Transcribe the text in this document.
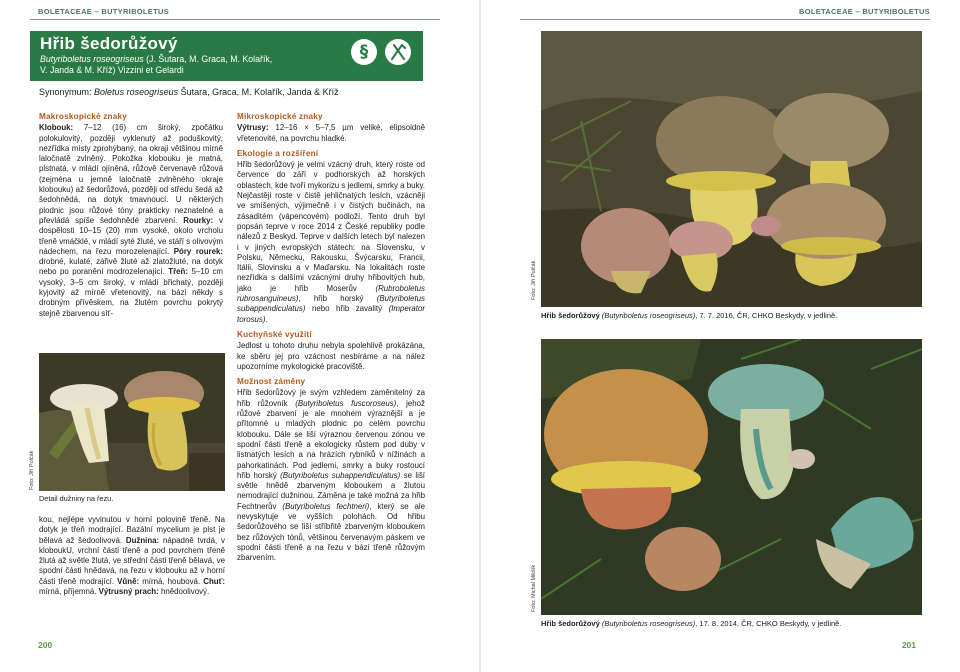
BOLETACEAE – BUTYRIBOLETUS
Hřib šedorůžový
Butyriboletus roseogriseus (J. Šutara, M. Graca, M. Kolařík,
V. Janda & M. Kříž) Vizzini et Gelardi
§
Synonymum: Boletus roseogriseus Šutara, Graca, M. Kolařík, Janda & Kříž
Makroskopické znaky

Klobouk: 7–12 (16) cm široký, zpočátku polokulovitý, později vyklenutý až poduškovitý, nezřídka místy zprohýbaný, na okraji většinou mírně laločnatě zvlněný. Pokožka klobouku je matná, plstnatá, v mládí ojíněná, růžově červenavě růžová (zejména u jemně laločnatě zvlněného okraje klobouku) až šedorůžová, později od středu šedá až šedohnědá, na dotyk tmavnoucí. U některých plodnic jsou růžové tóny prakticky neznatelné a převládá spíše šedohnědé zbarvení. Rourky: v dospělosti 10–15 (20) mm vysoké, okolo vrcholu třeně vmáčklé, v mládí syté žluté, ve stáří s olivovým nádechem, na řezu morozelenající. Póry rourek: drobné, kulaté, zářivě žluté až zlatožluté, na dotyk nebo po poranění modrozelenající. Třeň: 5–10 cm vysoký, 3–5 cm široký, v mládí břichatý, později kyjovitý až mírně vřetenovitý, na bázi někdy s drobným přívěskem, na žlutém povrchu pokrytý stejně zbarvenou síť-

Foto: Jiří Polčák
Detail dužniny na řezu.

kou, nejlépe vyvinutou v horní polovině třeně. Na dotyk je třeň modrající. Bazální mycelium je plst je bělavá až šedoolivová. Dužnina: nápadně tvrdá, v kloboukU, vrchní části třeně a pod povrchem třeně žlutá až světle žlutá, ve střední části třeně bělavá, ve spodní části hnědavá, na řezu v klobouku až v horní části třeně modrající. Vůně: mírná, houbová. Chuť: mírná, příjemná. Výtrusný prach: hnědoolivový.

Mikroskopické znaky

Výtrusy: 12–16 × 5–7,5 µm veliké, elipsoidně vřetenovité, na povrchu hladké.

Ekologie a rozšíření

Hřib šedorůžový je velmi vzácný druh, který roste od července do září v podhorských až horských oblastech, kde tvoří mykorizu s jedlemi, smrky a buky. Nejčastěji roste v čistě jehličnatých lesích, vzácněji ve smíšených, výjimečně i v čistých bučinách, na zásaditém (vápencovém) podloží. Tento druh byl popsán teprve v roce 2014 z České republiky podle nálezů z Beskyd. Teprve v dalších letech byl nalezen i v jiných evropských státech: na Slovensku, v Polsku, Německu, Rakousku, Švýcarsku, Francii, Itálii, Slovinsku a v Maďarsku. Na lokalitách roste nezřídka s dalšími vzácnými druhy hřibovitých hub, jako je hřib Moserův (Rubroboletus rubrosanguineus), hřib horský (Butyriboletus subappendiculatus) nebo hřib zavalitý (Imperator torosus).

Kuchyňské využití

Jedlost u tohoto druhu nebyla spolehlivě prokázána, ke sběru jej pro vzácnost nesbíráme a na nález upozorníme mykologické pracoviště.

Možnost záměny

Hřib šedorůžový je svým vzhledem zaměnitelný za hřib růžovník (Butyriboletus fuscoroseus), jehož růžové zbarvení je ale mnohem výraznější a je přítomné u mladých plodnic po celém povrchu klobouku. Dále se liší výraznou červenou zónou ve spodní části třeně a ekologicky růstem pod duby v listnatých lesích a na hrázích rybníků v nížinách a pahorkatinách. Pod jedlemi, smrky a buky rostoucí hřib horský (Butyriboletus subappendiculatus) se liší světle hnědě zbarveným kloboukem a žlutou nemodrající dužninou. Záměna je také možná za hřib Fechtnerův (Butyriboletus fechtneri), který se ale nevyskytuje ve vyšších polohách. Od hřibu šedorůžového se liší stříbřitě zbarveným kloboukem bez růžových tónů, většinou červenavým páskem ve spodní části třeně a na řezu v bázi třeně růžovým zbarvením.

200
BOLETACEAE – BUTYRIBOLETUS
Foto: Jiří Polčák
Hřib šedorůžový (Butyriboletus roseogriseus), 7. 7. 2016, ČR, CHKO Beskydy, v jedlině.
Foto: Michal Mikšík
Hřib šedorůžový (Butyriboletus roseogriseus), 17. 8. 2014, ČR, CHKO Beskydy, v jedlině.
201
